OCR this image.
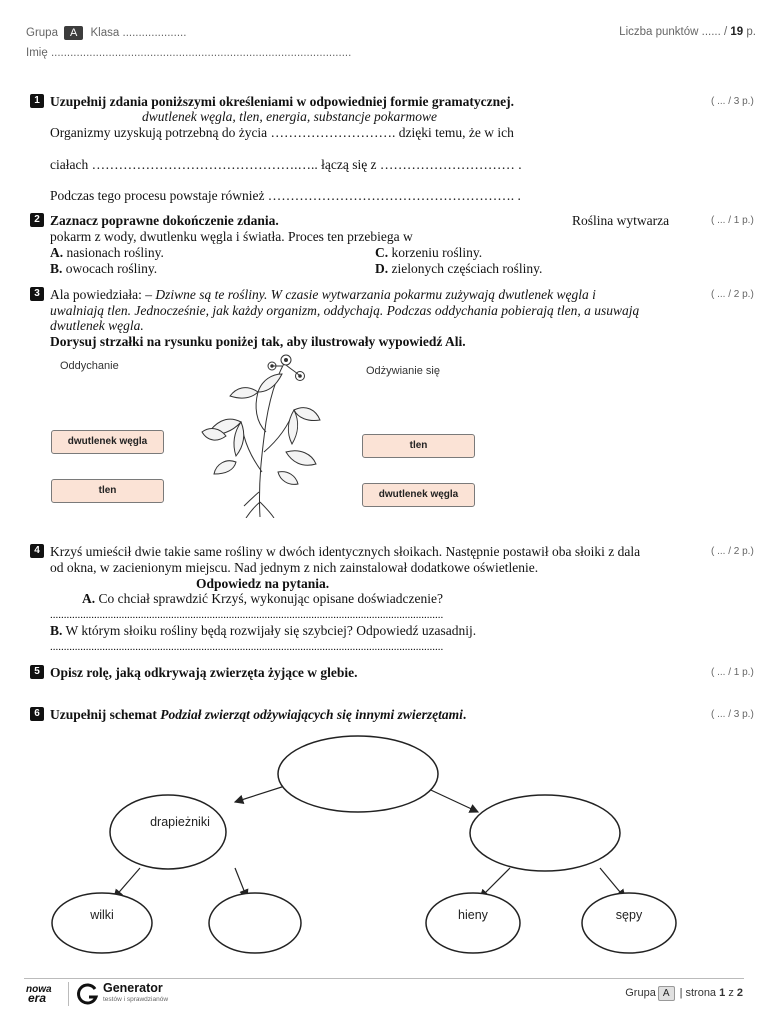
Grupa A Klasa ....................
Imię ..............................................................................................
Liczba punktów ...... / 19 p.
1 Uzupełnij zdania poniższymi określeniami w odpowiedniej formie gramatycznej.	( ... / 3 p.)
dwutlenek węgla, tlen, energia, substancje pokarmowe
Organizmy uzyskują potrzebną do życia ………………………. dzięki temu, że w ich
ciałach ……………………………………….….. łączą się z ………………………… .
Podczas tego procesu powstaje również ………………………………………………. .
2 Zaznacz poprawne dokończenie zdania.	Roślina wytwarza	( ... / 1 p.)
pokarm z wody, dwutlenku węgla i światła. Proces ten przebiega w
A. nasionach rośliny.	C. korzeniu rośliny.
B. owocach rośliny.	D. zielonych częściach rośliny.
3 Ala powiedziała: – Dziwne są te rośliny. W czasie wytwarzania pokarmu zużywają dwutlenek węgla i	( ... / 2 p.)
uwalniają tlen. Jednocześnie, jak każdy organizm, oddychają. Podczas oddychania pobierają tlen, a usuwają
dwutlenek węgla.
Dorysuj strzałki na rysunku poniżej tak, aby ilustrowały wypowiedź Ali.
Oddychanie	Odżywianie się
dwutlenek węgla
tlen
tlen
dwutlenek węgla
4 Krzyś umieścił dwie takie same rośliny w dwóch identycznych słoikach. Następnie postawił oba słoiki z dala	( ... / 2 p.)
od okna, w zacienionym miejscu. Nad jednym z nich zainstalował dodatkowe oświetlenie.
Odpowiedz na pytania.
A. Co chciał sprawdzić Krzyś, wykonując opisane doświadczenie?
...............................................................................................................................................
B. W którym słoiku rośliny będą rozwijały się szybciej? Odpowiedź uzasadnij.
...............................................................................................................................................
5 Opisz rolę, jaką odkrywają zwierzęta żyjące w glebie.	( ... / 1 p.)
6 Uzupełnij schemat Podział zwierząt odżywiających się innymi zwierzętami.	( ... / 3 p.)
drapieżniki
wilki	hieny	sępy
nowa
era
Generator
testów i sprawdzianów
Grupa A | strona 1 z 2
